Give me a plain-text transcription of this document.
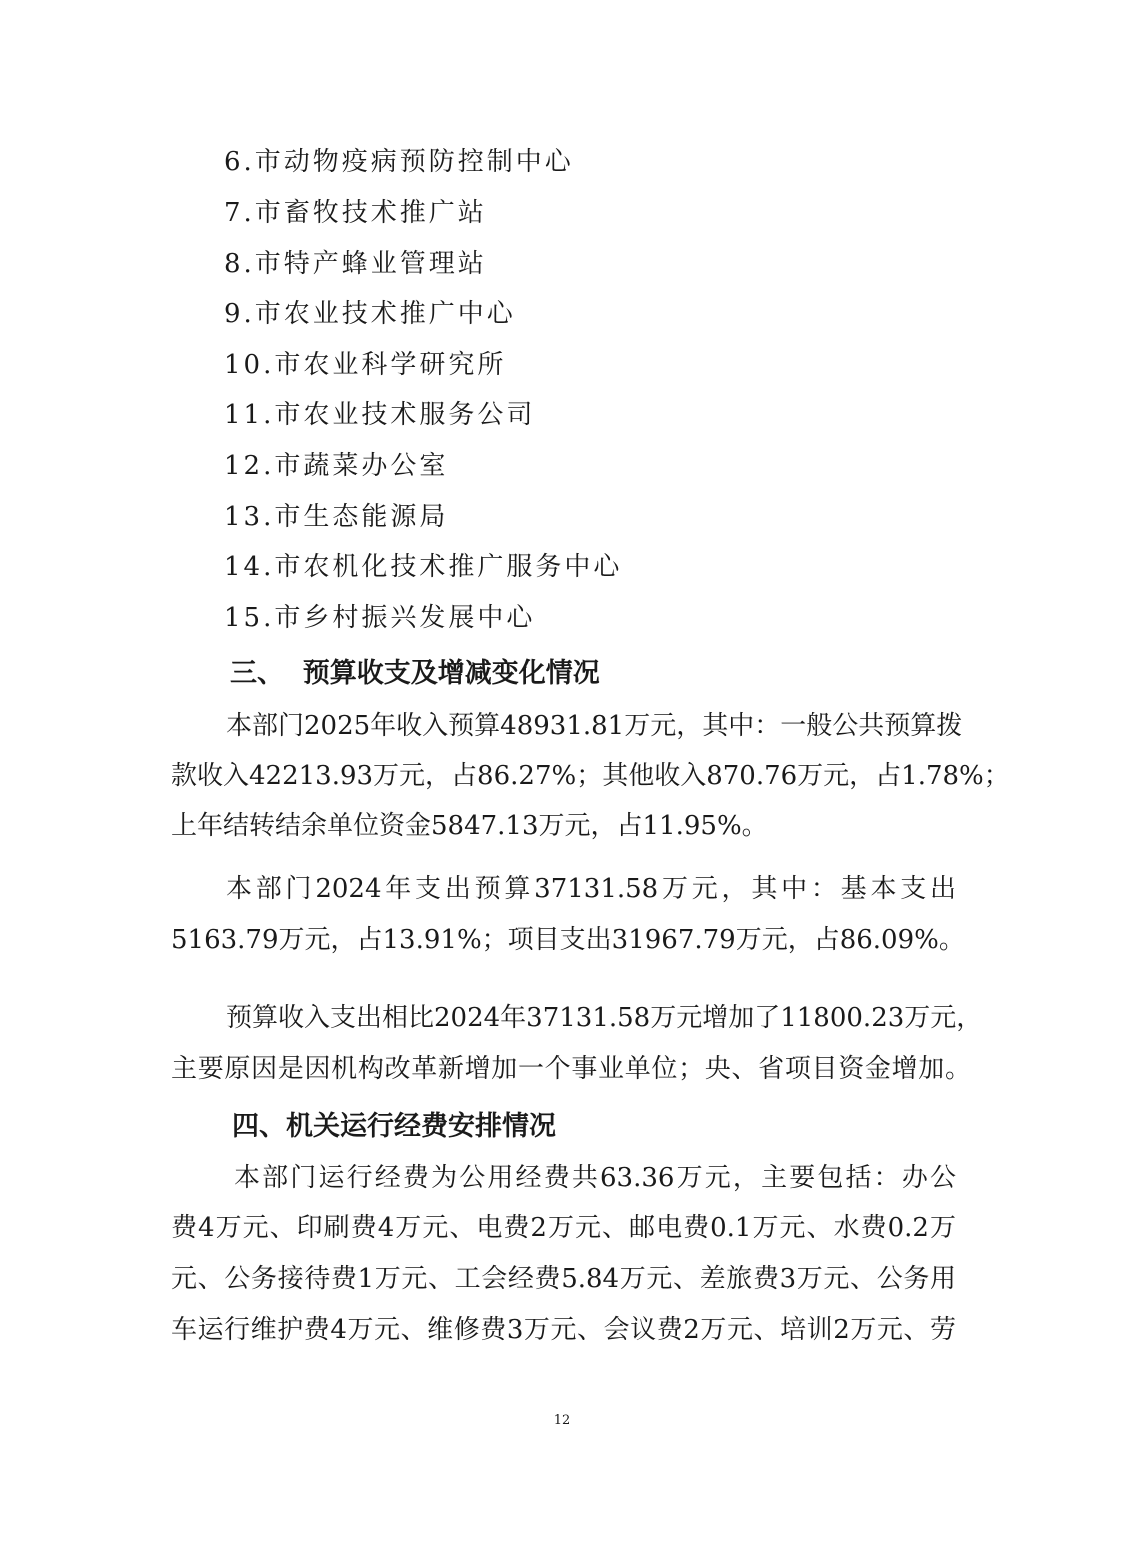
6.市动物疫病预防控制中心
7.市畜牧技术推广站
8.市特产蜂业管理站
9.市农业技术推广中心
10.市农业科学研究所
11.市农业技术服务公司
12.市蔬菜办公室
13.市生态能源局
14.市农机化技术推广服务中心
15.市乡村振兴发展中心
三、  预算收支及增减变化情况
本部门2025年收入预算48931.81万元，其中：一般公共预算拨
款收入42213.93万元，占86.27%；其他收入870.76万元，占1.78%；
上年结转结余单位资金5847.13万元，占11.95%。
本部门2024年支出预算37131.58万元，其中：基本支出
5163.79万元，占13.91%；项目支出31967.79万元，占86.09%。
预算收入支出相比2024年37131.58万元增加了11800.23万元，
主要原因是因机构改革新增加一个事业单位；央、省项目资金增加。
四、机关运行经费安排情况
本部门运行经费为公用经费共63.36万元，主要包括：办公
费4万元、印刷费4万元、电费2万元、邮电费0.1万元、水费0.2万
元、公务接待费1万元、工会经费5.84万元、差旅费3万元、公务用
车运行维护费4万元、维修费3万元、会议费2万元、培训2万元、劳
12
